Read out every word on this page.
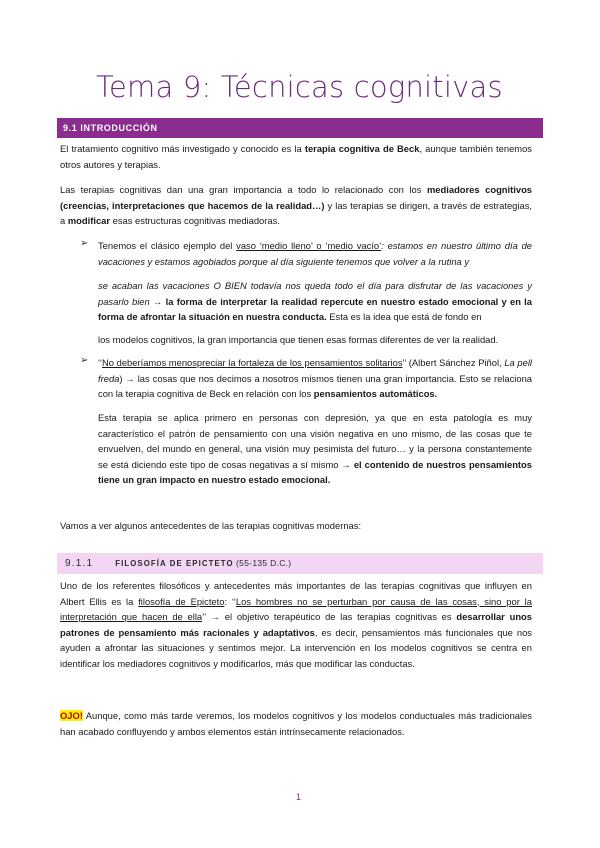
Tema 9: Técnicas cognitivas
9.1 INTRODUCCIÓN

El tratamiento cognitivo más investigado y conocido es la terapia cognitiva de Beck, aunque también tenemos otros autores y terapias.

Las terapias cognitivas dan una gran importancia a todo lo relacionado con los mediadores cognitivos (creencias, interpretaciones que hacemos de la realidad…) y las terapias se dirigen, a través de estrategias, a modificar esas estructuras cognitivas mediadoras.

➢ Tenemos el clásico ejemplo del vaso ‘medio lleno’ o ‘medio vacío’: estamos en nuestro último día de vacaciones y estamos agobiados porque al día siguiente tenemos que volver a la rutina y

se acaban las vacaciones O BIEN todavía nos queda todo el día para disfrutar de las vacaciones y pasarlo bien → la forma de interpretar la realidad repercute en nuestro estado emocional y en la forma de afrontar la situación en nuestra conducta. Esta es la idea que está de fondo en

los modelos cognitivos, la gran importancia que tienen esas formas diferentes de ver la realidad.

➢ ‘‘No deberíamos menospreciar la fortaleza de los pensamientos solitarios’’ (Albert Sánchez Piñol, La pell freda) → las cosas que nos decimos a nosotros mismos tienen una gran importancia. Esto se relaciona con la terapia cognitiva de Beck en relación con los pensamientos automáticos.

Esta terapia se aplica primero en personas con depresión, ya que en esta patología es muy característico el patrón de pensamiento con una visión negativa en uno mismo, de las cosas que te envuelven, del mundo en general, una visión muy pesimista del futuro… y la persona constantemente se está diciendo este tipo de cosas negativas a sí mismo → el contenido de nuestros pensamientos tiene un gran impacto en nuestro estado emocional.

Vamos a ver algunos antecedentes de las terapias cognitivas modernas:

9.1.1	FILOSOFÍA DE EPICTETO (55-135 D.C.)

Uno de los referentes filosóficos y antecedentes más importantes de las terapias cognitivas que influyen en Albert Ellis es la filosofía de Epicteto: ‘‘Los hombres no se perturban por causa de las cosas, sino por la interpretación que hacen de ella’’ → el objetivo terapéutico de las terapias cognitivas es desarrollar unos patrones de pensamiento más racionales y adaptativos, es decir, pensamientos más funcionales que nos ayuden a afrontar las situaciones y sentimos mejor. La intervención en los modelos cognitivos se centra en identificar los mediadores cognitivos y modificarlos, más que modificar las conductas.

OJO! Aunque, como más tarde veremos, los modelos cognitivos y los modelos conductuales más tradicionales han acabado confluyendo y ambos elementos están intrínsecamente relacionados.

1
